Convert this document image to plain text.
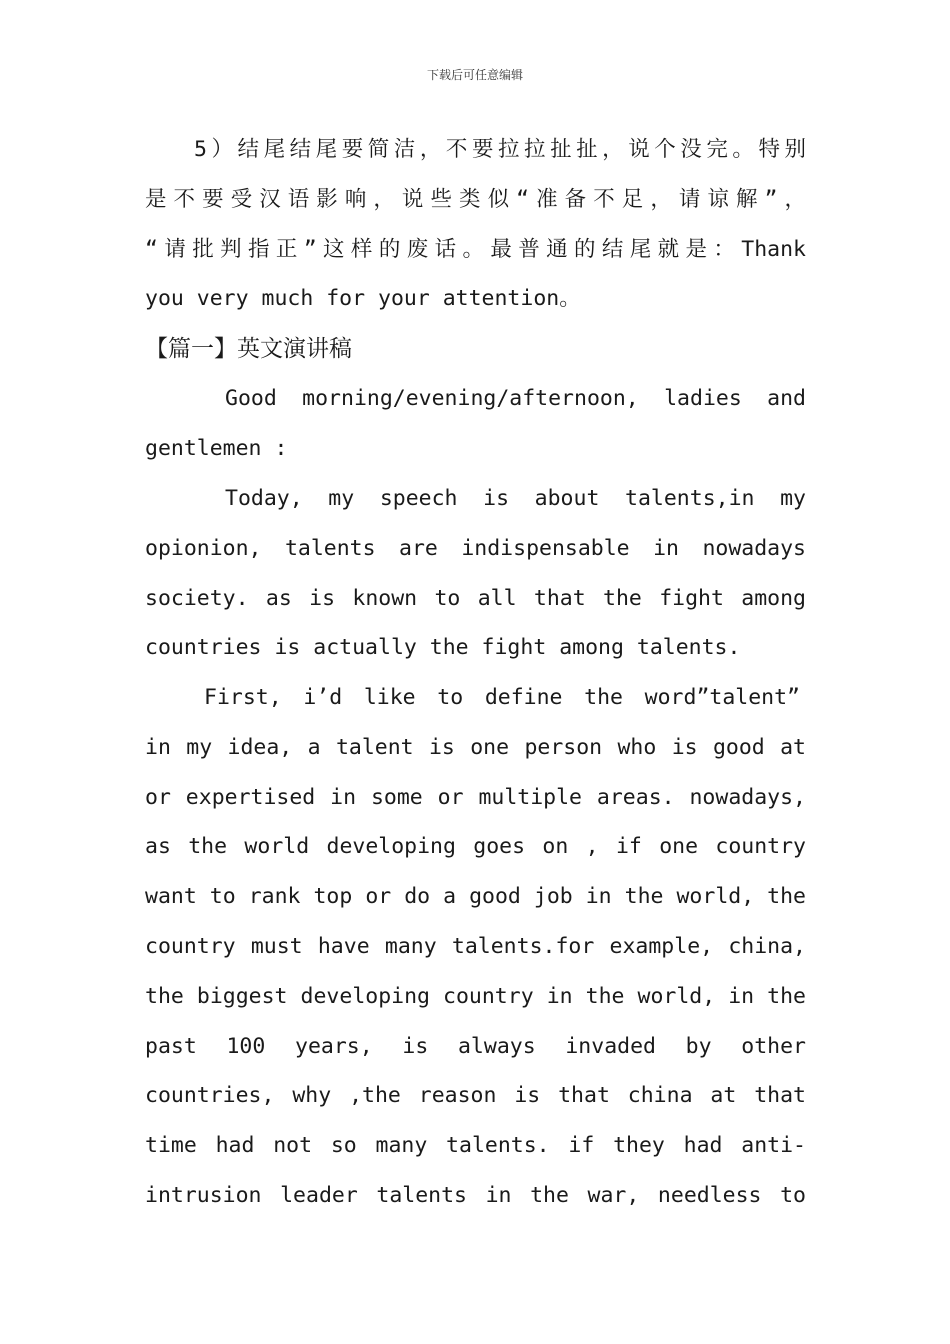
下载后可任意编辑
5）结尾结尾要简洁，不要拉拉扯扯，说个没完。特别
是不要受汉语影响，说些类似“准备不足，请谅解”，
“请批判指正”这样的废话。最普通的结尾就是：Thank
you very much for your attention。
【篇一】英文演讲稿
Good morning/evening/afternoon, ladies and
gentlemen :
Today, my speech is about talents,in my
opionion, talents are indispensable in nowadays
society. as is known to all that the fight among
countries is actually the fight among talents.
First, i’d like to define the word”talent”
in my idea, a talent is one person who is good at
or expertised in some or multiple areas. nowadays,
as the world developing goes on , if one country
want to rank top or do a good job in the world, the
country must have many talents.for example, china,
the biggest developing country in the world, in the
past 100 years, is always invaded by other
countries, why ,the reason is that china at that
time had not so many talents. if they had anti-
intrusion leader talents in the war, needless to
